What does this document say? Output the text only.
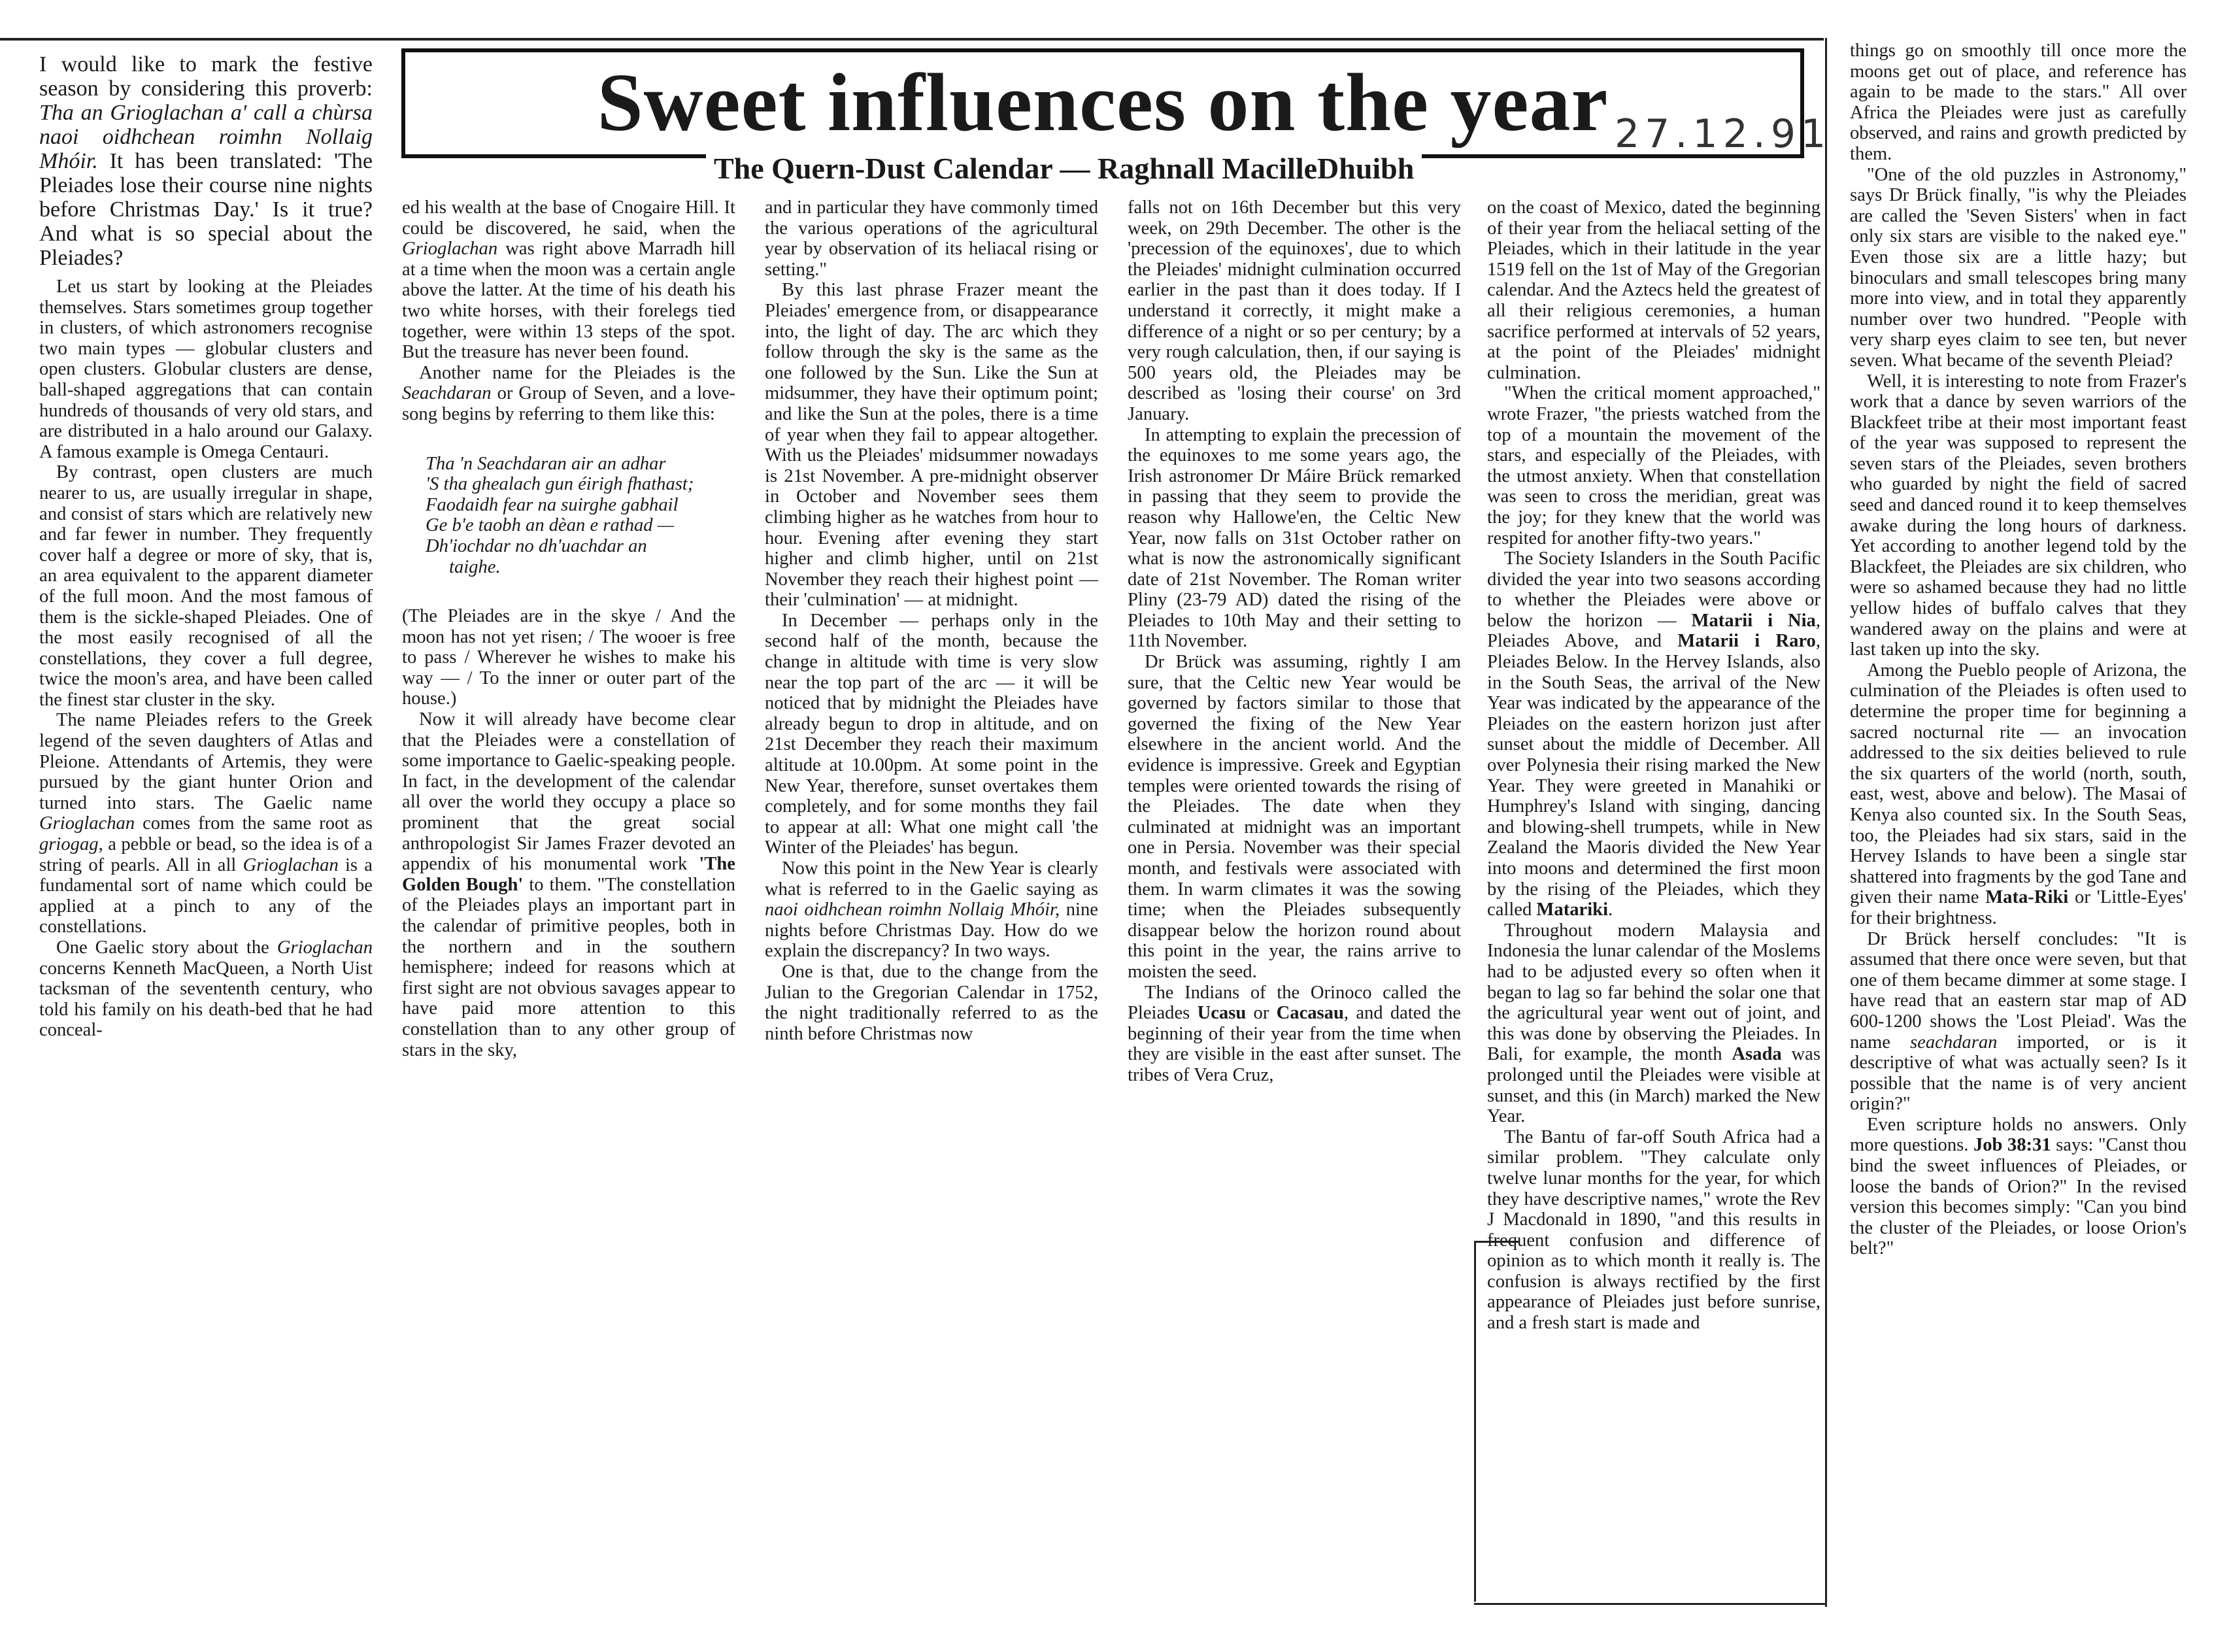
Sweet influences on the year
The Quern-Dust Calendar — Raghnall MacilleDhuibh
27.12.91

I would like to mark the festive season by considering this proverb: Tha an Grioglachan a' call a chùrsa naoi oidhchean roimhn Nollaig Mhóir. It has been translated: 'The Pleiades lose their course nine nights before Christmas Day.' Is it true? And what is so special about the Pleiades?

Let us start by looking at the Pleiades themselves. Stars sometimes group together in clusters, of which astronomers recognise two main types — globular clusters and open clusters. Globular clusters are dense, ball-shaped aggregations that can contain hundreds of thousands of very old stars, and are distributed in a halo around our Galaxy. A famous example is Omega Centauri.

By contrast, open clusters are much nearer to us, are usually irregular in shape, and consist of stars which are relatively new and far fewer in number. They frequently cover half a degree or more of sky, that is, an area equivalent to the apparent diameter of the full moon. And the most famous of them is the sickle-shaped Pleiades. One of the most easily recognised of all the constellations, they cover a full degree, twice the moon's area, and have been called the finest star cluster in the sky.

The name Pleiades refers to the Greek legend of the seven daughters of Atlas and Pleione. Attendants of Artemis, they were pursued by the giant hunter Orion and turned into stars. The Gaelic name Grioglachan comes from the same root as griogag, a pebble or bead, so the idea is of a string of pearls. All in all Grioglachan is a fundamental sort of name which could be applied at a pinch to any of the constellations.

One Gaelic story about the Grioglachan concerns Kenneth MacQueen, a North Uist tacksman of the sevententh century, who told his family on his death-bed that he had conceal-

ed his wealth at the base of Cnogaire Hill. It could be discovered, he said, when the Grioglachan was right above Marradh hill at a time when the moon was a certain angle above the latter. At the time of his death his two white horses, with their forelegs tied together, were within 13 steps of the spot. But the treasure has never been found.

Another name for the Pleiades is the Seachdaran or Group of Seven, and a love-song begins by referring to them like this:

Tha 'n Seachdaran air an adhar
'S tha ghealach gun éirigh fhathast;
Faodaidh fear na suirghe gabhail
Ge b'e taobh an dèan e rathad —
Dh'iochdar no dh'uachdar an
taighe.

(The Pleiades are in the skye / And the moon has not yet risen; / The wooer is free to pass / Wherever he wishes to make his way — / To the inner or outer part of the house.)

Now it will already have become clear that the Pleiades were a constellation of some importance to Gaelic-speaking people. In fact, in the development of the calendar all over the world they occupy a place so prominent that the great social anthropologist Sir James Frazer devoted an appendix of his monumental work 'The Golden Bough' to them. "The constellation of the Pleiades plays an important part in the calendar of primitive peoples, both in the northern and in the southern hemisphere; indeed for reasons which at first sight are not obvious savages appear to have paid more attention to this constellation than to any other group of stars in the sky,

and in particular they have commonly timed the various operations of the agricultural year by observation of its heliacal rising or setting."

By this last phrase Frazer meant the Pleiades' emergence from, or disappearance into, the light of day. The arc which they follow through the sky is the same as the one followed by the Sun. Like the Sun at midsummer, they have their optimum point; and like the Sun at the poles, there is a time of year when they fail to appear altogether. With us the Pleiades' midsummer nowadays is 21st November. A pre-midnight observer in October and November sees them climbing higher as he watches from hour to hour. Evening after evening they start higher and climb higher, until on 21st November they reach their highest point — their 'culmination' — at midnight.

In December — perhaps only in the second half of the month, because the change in altitude with time is very slow near the top part of the arc — it will be noticed that by midnight the Pleiades have already begun to drop in altitude, and on 21st December they reach their maximum altitude at 10.00pm. At some point in the New Year, therefore, sunset overtakes them completely, and for some months they fail to appear at all: What one might call 'the Winter of the Pleiades' has begun.

Now this point in the New Year is clearly what is referred to in the Gaelic saying as naoi oidhchean roimhn Nollaig Mhóir, nine nights before Christmas Day. How do we explain the discrepancy? In two ways.

One is that, due to the change from the Julian to the Gregorian Calendar in 1752, the night traditionally referred to as the ninth before Christmas now

falls not on 16th December but this very week, on 29th December. The other is the 'precession of the equinoxes', due to which the Pleiades' midnight culmination occurred earlier in the past than it does today. If I understand it correctly, it might make a difference of a night or so per century; by a very rough calculation, then, if our saying is 500 years old, the Pleiades may be described as 'losing their course' on 3rd January.

In attempting to explain the precession of the equinoxes to me some years ago, the Irish astronomer Dr Máire Brück remarked in passing that they seem to provide the reason why Hallowe'en, the Celtic New Year, now falls on 31st October rather on what is now the astronomically significant date of 21st November. The Roman writer Pliny (23-79 AD) dated the rising of the Pleiades to 10th May and their setting to 11th November.

Dr Brück was assuming, rightly I am sure, that the Celtic new Year would be governed by factors similar to those that governed the fixing of the New Year elsewhere in the ancient world. And the evidence is impressive. Greek and Egyptian temples were oriented towards the rising of the Pleiades. The date when they culminated at midnight was an important one in Persia. November was their special month, and festivals were associated with them. In warm climates it was the sowing time; when the Pleiades subsequently disappear below the horizon round about this point in the year, the rains arrive to moisten the seed.

The Indians of the Orinoco called the Pleiades Ucasu or Cacasau, and dated the beginning of their year from the time when they are visible in the east after sunset. The tribes of Vera Cruz,

on the coast of Mexico, dated the beginning of their year from the heliacal setting of the Pleiades, which in their latitude in the year 1519 fell on the 1st of May of the Gregorian calendar. And the Aztecs held the greatest of all their religious ceremonies, a human sacrifice performed at intervals of 52 years, at the point of the Pleiades' midnight culmination.

"When the critical moment approached," wrote Frazer, "the priests watched from the top of a mountain the movement of the stars, and especially of the Pleiades, with the utmost anxiety. When that constellation was seen to cross the meridian, great was the joy; for they knew that the world was respited for another fifty-two years."

The Society Islanders in the South Pacific divided the year into two seasons according to whether the Pleiades were above or below the horizon — Matarii i Nia, Pleiades Above, and Matarii i Raro, Pleiades Below. In the Hervey Islands, also in the South Seas, the arrival of the New Year was indicated by the appearance of the Pleiades on the eastern horizon just after sunset about the middle of December. All over Polynesia their rising marked the New Year. They were greeted in Manahiki or Humphrey's Island with singing, dancing and blowing-shell trumpets, while in New Zealand the Maoris divided the New Year into moons and determined the first moon by the rising of the Pleiades, which they called Matariki.

Throughout modern Malaysia and Indonesia the lunar calendar of the Moslems had to be adjusted every so often when it began to lag so far behind the solar one that the agricultural year went out of joint, and this was done by observing the Pleiades. In Bali, for example, the month Asada was prolonged until the Pleiades were visible at sunset, and this (in March) marked the New Year.

The Bantu of far-off South Africa had a similar problem. "They calculate only twelve lunar months for the year, for which they have descriptive names," wrote the Rev J Macdonald in 1890, "and this results in frequent confusion and difference of opinion as to which month it really is. The confusion is always rectified by the first appearance of Pleiades just before sunrise, and a fresh start is made and

things go on smoothly till once more the moons get out of place, and reference has again to be made to the stars." All over Africa the Pleiades were just as carefully observed, and rains and growth predicted by them.

"One of the old puzzles in Astronomy," says Dr Brück finally, "is why the Pleiades are called the 'Seven Sisters' when in fact only six stars are visible to the naked eye." Even those six are a little hazy; but binoculars and small telescopes bring many more into view, and in total they apparently number over two hundred. "People with very sharp eyes claim to see ten, but never seven. What became of the seventh Pleiad?

Well, it is interesting to note from Frazer's work that a dance by seven warriors of the Blackfeet tribe at their most important feast of the year was supposed to represent the seven stars of the Pleiades, seven brothers who guarded by night the field of sacred seed and danced round it to keep themselves awake during the long hours of darkness. Yet according to another legend told by the Blackfeet, the Pleiades are six children, who were so ashamed because they had no little yellow hides of buffalo calves that they wandered away on the plains and were at last taken up into the sky.

Among the Pueblo people of Arizona, the culmination of the Pleiades is often used to determine the proper time for beginning a sacred nocturnal rite — an invocation addressed to the six deities believed to rule the six quarters of the world (north, south, east, west, above and below). The Masai of Kenya also counted six. In the South Seas, too, the Pleiades had six stars, said in the Hervey Islands to have been a single star shattered into fragments by the god Tane and given their name Mata-Riki or 'Little-Eyes' for their brightness.

Dr Brück herself concludes: "It is assumed that there once were seven, but that one of them became dimmer at some stage. I have read that an eastern star map of AD 600-1200 shows the 'Lost Pleiad'. Was the name seachdaran imported, or is it descriptive of what was actually seen? Is it possible that the name is of very ancient origin?"

Even scripture holds no answers. Only more questions. Job 38:31 says: "Canst thou bind the sweet influences of Pleiades, or loose the bands of Orion?" In the revised version this becomes simply: "Can you bind the cluster of the Pleiades, or loose Orion's belt?"
